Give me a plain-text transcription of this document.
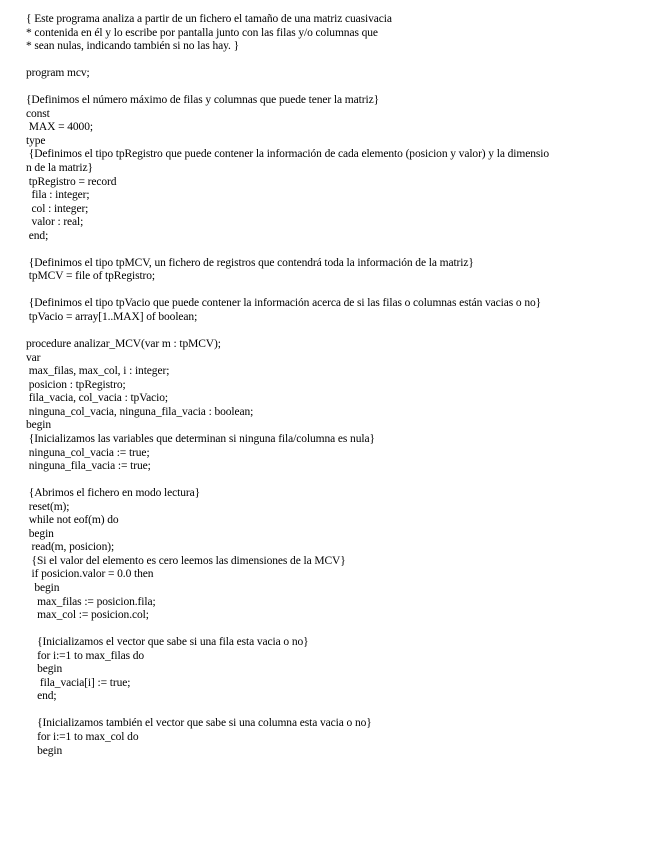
{ Este programa analiza a partir de un fichero el tamaño de una matriz cuasivacia
* contenida en él y lo escribe por pantalla junto con las filas y/o columnas que
* sean nulas, indicando también si no las hay. }
program mcv;
{Definimos el número máximo de filas y columnas que puede tener la matriz}
const
MAX = 4000;
type
{Definimos el tipo tpRegistro que puede contener la información de cada elemento (posicion y valor) y la dimensio
n de la matriz}
tpRegistro = record
fila : integer;
col : integer;
valor : real;
end;
{Definimos el tipo tpMCV, un fichero de registros que contendrá toda la información de la matriz}
tpMCV = file of tpRegistro;
{Definimos el tipo tpVacio que puede contener la información acerca de si las filas o columnas están vacias o no}
tpVacio = array[1..MAX] of boolean;
procedure analizar_MCV(var m : tpMCV);
var
max_filas, max_col, i : integer;
posicion : tpRegistro;
fila_vacia, col_vacia : tpVacio;
ninguna_col_vacia, ninguna_fila_vacia : boolean;
begin
{Inicializamos las variables que determinan si ninguna fila/columna es nula}
ninguna_col_vacia := true;
ninguna_fila_vacia := true;
{Abrimos el fichero en modo lectura}
reset(m);
while not eof(m) do
begin
read(m, posicion);
{Si el valor del elemento es cero leemos las dimensiones de la MCV}
if posicion.valor = 0.0 then
begin
max_filas := posicion.fila;
max_col := posicion.col;
{Inicializamos el vector que sabe si una fila esta vacia o no}
for i:=1 to max_filas do
begin
fila_vacia[i] := true;
end;
{Inicializamos también el vector que sabe si una columna esta vacia o no}
for i:=1 to max_col do
begin
